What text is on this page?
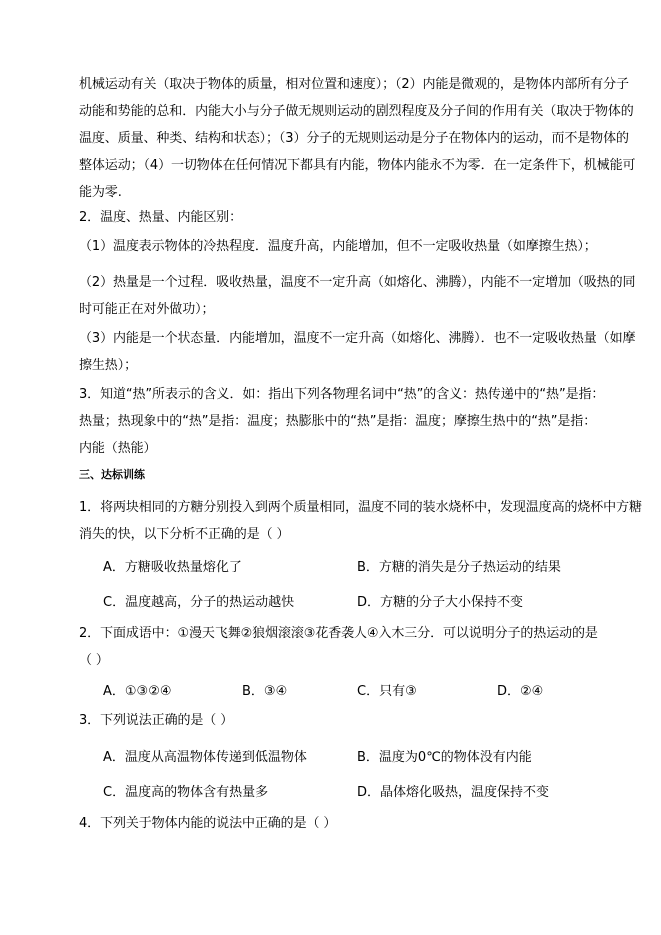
机械运动有关（取决于物体的质量，相对位置和速度）；（2）内能是微观的，是物体内部所有分子
动能和势能的总和．内能大小与分子做无规则运动的剧烈程度及分子间的作用有关（取决于物体的
温度、质量、种类、结构和状态）；（3）分子的无规则运动是分子在物体内的运动，而不是物体的
整体运动；（4）一切物体在任何情况下都具有内能，物体内能永不为零．在一定条件下，机械能可
能为零.
2．温度、热量、内能区别：
（1）温度表示物体的冷热程度．温度升高，内能增加，但不一定吸收热量（如摩擦生热）；
（2）热量是一个过程．吸收热量，温度不一定升高（如熔化、沸腾），内能不一定增加（吸热的同
时可能正在对外做功）；
（3）内能是一个状态量．内能增加，温度不一定升高（如熔化、沸腾）．也不一定吸收热量（如摩
擦生热）；
3．知道“热”所表示的含义．如：指出下列各物理名词中“热”的含义：热传递中的“热”是指：
热量；热现象中的“热”是指：温度；热膨胀中的“热”是指：温度；摩擦生热中的“热”是指：
内能（热能）
三、达标训练
1．将两块相同的方糖分别投入到两个质量相同，温度不同的装水烧杯中，发现温度高的烧杯中方糖
消失的快，以下分析不正确的是（ ）
A．方糖吸收热量熔化了	B．方糖的消失是分子热运动的结果
C．温度越高，分子的热运动越快	D．方糖的分子大小保持不变
2．下面成语中：①漫天飞舞②狼烟滚滚③花香袭人④入木三分．可以说明分子的热运动的是
（ ）
A．①③②④	B．③④	C．只有③	D．②④
3．下列说法正确的是（ ）
A．温度从高温物体传递到低温物体	B．温度为0℃的物体没有内能
C．温度高的物体含有热量多	D．晶体熔化吸热，温度保持不变
4．下列关于物体内能的说法中正确的是（ ）
